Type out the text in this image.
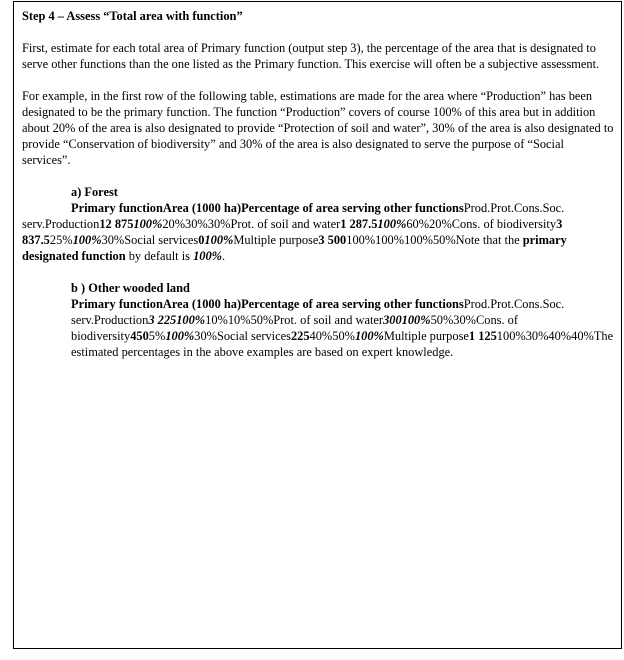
Step 4 – Assess “Total area with function”

First, estimate for each total area of Primary function (output step 3), the percentage of the area that is designated to serve other functions than the one listed as the Primary function. This exercise will often be a subjective assessment.

For example, in the first row of the following table, estimations are made for the area where “Production” has been designated to be the primary function. The function “Production” covers of course 100% of this area but in addition about 20% of the area is also designated to provide “Protection of soil and water”, 30% of the area is also designated to provide “Conservation of biodiversity” and 30% of the area is also designated to serve the purpose of “Social services”.

a) Forest
Primary functionArea (1000 ha)Percentage of area serving other functionsProd.Prot.Cons.Soc. serv.Production12 875100%20%30%30%Prot. of soil and water1 287.5100%60%20%Cons. of biodiversity3 837.525%100%30%Social services0100%Multiple purpose3 500100%100%100%50%Note that the primary designated function by default is 100%.
b ) Other wooded land
Primary functionArea (1000 ha)Percentage of area serving other functionsProd.Prot.Cons.Soc. serv.Production3 225100%10%10%50%Prot. of soil and water300100%50%30%Cons. of biodiversity4505%100%30%Social services22540%50%100%Multiple purpose1 125100%30%40%40%The estimated percentages in the above examples are based on expert knowledge.
